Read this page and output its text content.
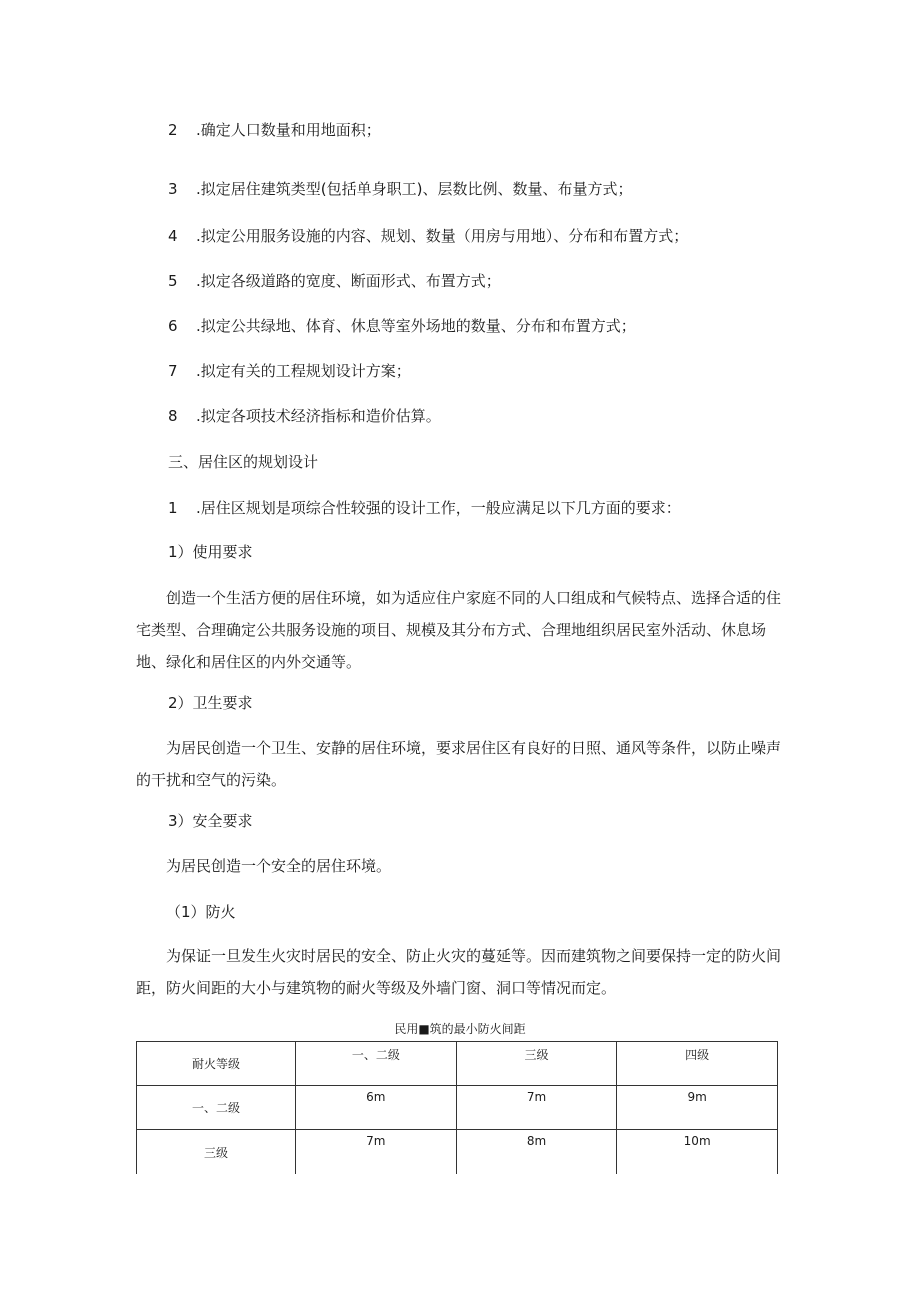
2 .确定人口数量和用地面积；
3 .拟定居住建筑类型(包括单身职工)、层数比例、数量、布量方式；
4 .拟定公用服务设施的内容、规划、数量（用房与用地）、分布和布置方式；
5 .拟定各级道路的宽度、断面形式、布置方式；
6 .拟定公共绿地、体育、休息等室外场地的数量、分布和布置方式；
7 .拟定有关的工程规划设计方案；
8 .拟定各项技术经济指标和造价估算。
三、居住区的规划设计
1 .居住区规划是项综合性较强的设计工作，一般应满足以下几方面的要求：
1）使用要求
创造一个生活方便的居住环境，如为适应住户家庭不同的人口组成和气候特点、选择合适的住宅类型、合理确定公共服务设施的项目、规模及其分布方式、合理地组织居民室外活动、休息场地、绿化和居住区的内外交通等。
2）卫生要求
为居民创造一个卫生、安静的居住环境，要求居住区有良好的日照、通风等条件，以防止噪声的干扰和空气的污染。
3）安全要求
为居民创造一个安全的居住环境。
（1）防火
为保证一旦发生火灾时居民的安全、防止火灾的蔓延等。因而建筑物之间要保持一定的防火间距，防火间距的大小与建筑物的耐火等级及外墙门窗、洞口等情况而定。
民用■筑的最小防火间距
耐火等级	一、二级	三级	四级
一、二级	6m	7m	9m
三级	7m	8m	10m
